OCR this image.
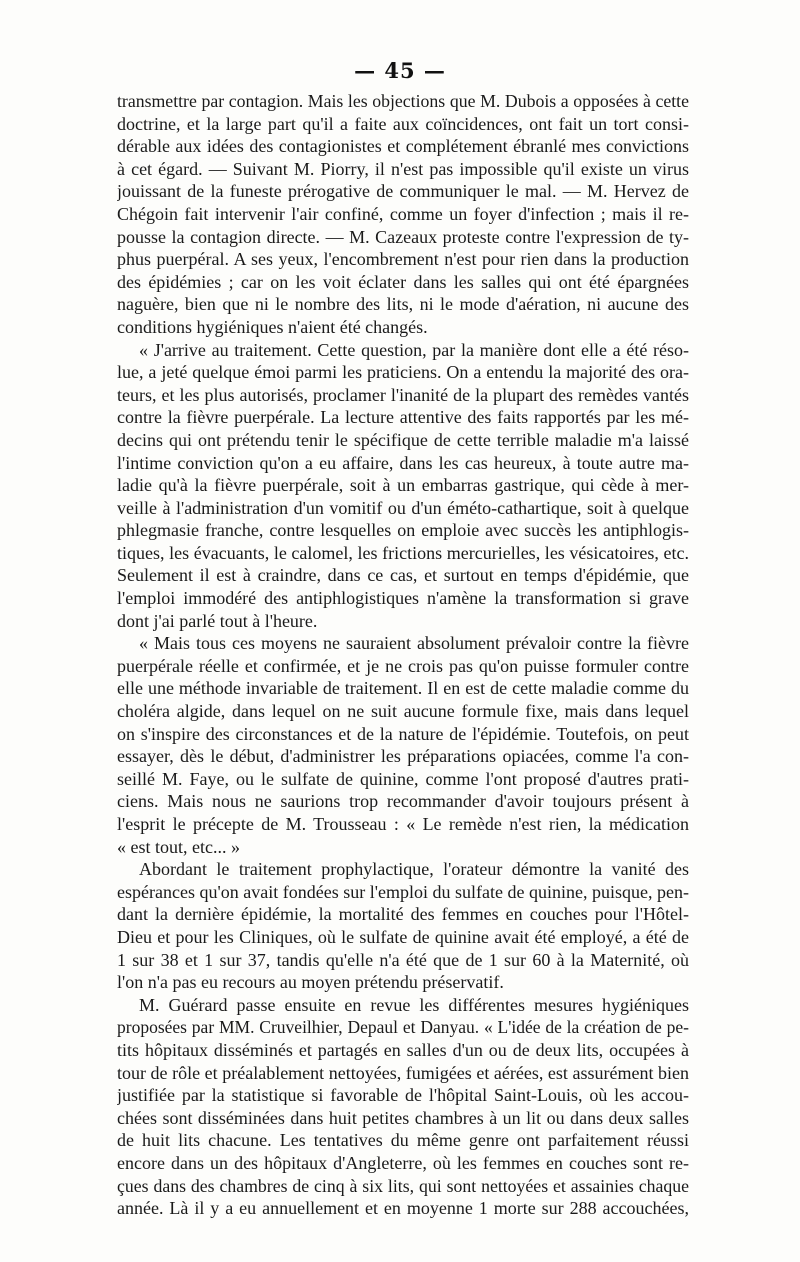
— 45 —
transmettre par contagion. Mais les objections que M. Dubois a opposées à cette
doctrine, et la large part qu'il a faite aux coïncidences, ont fait un tort consi-
dérable aux idées des contagionistes et complétement ébranlé mes convictions
à cet égard. — Suivant M. Piorry, il n'est pas impossible qu'il existe un virus
jouissant de la funeste prérogative de communiquer le mal. — M. Hervez de
Chégoin fait intervenir l'air confiné, comme un foyer d'infection ; mais il re-
pousse la contagion directe. — M. Cazeaux proteste contre l'expression de ty-
phus puerpéral. A ses yeux, l'encombrement n'est pour rien dans la production
des épidémies ; car on les voit éclater dans les salles qui ont été épargnées
naguère, bien que ni le nombre des lits, ni le mode d'aération, ni aucune des
conditions hygiéniques n'aient été changés.
« J'arrive au traitement. Cette question, par la manière dont elle a été réso-
lue, a jeté quelque émoi parmi les praticiens. On a entendu la majorité des ora-
teurs, et les plus autorisés, proclamer l'inanité de la plupart des remèdes vantés
contre la fièvre puerpérale. La lecture attentive des faits rapportés par les mé-
decins qui ont prétendu tenir le spécifique de cette terrible maladie m'a laissé
l'intime conviction qu'on a eu affaire, dans les cas heureux, à toute autre ma-
ladie qu'à la fièvre puerpérale, soit à un embarras gastrique, qui cède à mer-
veille à l'administration d'un vomitif ou d'un éméto-cathartique, soit à quelque
phlegmasie franche, contre lesquelles on emploie avec succès les antiphlogis-
tiques, les évacuants, le calomel, les frictions mercurielles, les vésicatoires, etc.
Seulement il est à craindre, dans ce cas, et surtout en temps d'épidémie, que
l'emploi immodéré des antiphlogistiques n'amène la transformation si grave
dont j'ai parlé tout à l'heure.
« Mais tous ces moyens ne sauraient absolument prévaloir contre la fièvre
puerpérale réelle et confirmée, et je ne crois pas qu'on puisse formuler contre
elle une méthode invariable de traitement. Il en est de cette maladie comme du
choléra algide, dans lequel on ne suit aucune formule fixe, mais dans lequel
on s'inspire des circonstances et de la nature de l'épidémie. Toutefois, on peut
essayer, dès le début, d'administrer les préparations opiacées, comme l'a con-
seillé M. Faye, ou le sulfate de quinine, comme l'ont proposé d'autres prati-
ciens. Mais nous ne saurions trop recommander d'avoir toujours présent à
l'esprit le précepte de M. Trousseau : « Le remède n'est rien, la médication
« est tout, etc... »
Abordant le traitement prophylactique, l'orateur démontre la vanité des
espérances qu'on avait fondées sur l'emploi du sulfate de quinine, puisque, pen-
dant la dernière épidémie, la mortalité des femmes en couches pour l'Hôtel-
Dieu et pour les Cliniques, où le sulfate de quinine avait été employé, a été de
1 sur 38 et 1 sur 37, tandis qu'elle n'a été que de 1 sur 60 à la Maternité, où
l'on n'a pas eu recours au moyen prétendu préservatif.
M. Guérard passe ensuite en revue les différentes mesures hygiéniques
proposées par MM. Cruveilhier, Depaul et Danyau. « L'idée de la création de pe-
tits hôpitaux disséminés et partagés en salles d'un ou de deux lits, occupées à
tour de rôle et préalablement nettoyées, fumigées et aérées, est assurément bien
justifiée par la statistique si favorable de l'hôpital Saint-Louis, où les accou-
chées sont disséminées dans huit petites chambres à un lit ou dans deux salles
de huit lits chacune. Les tentatives du même genre ont parfaitement réussi
encore dans un des hôpitaux d'Angleterre, où les femmes en couches sont re-
çues dans des chambres de cinq à six lits, qui sont nettoyées et assainies chaque
année. Là il y a eu annuellement et en moyenne 1 morte sur 288 accouchées,
